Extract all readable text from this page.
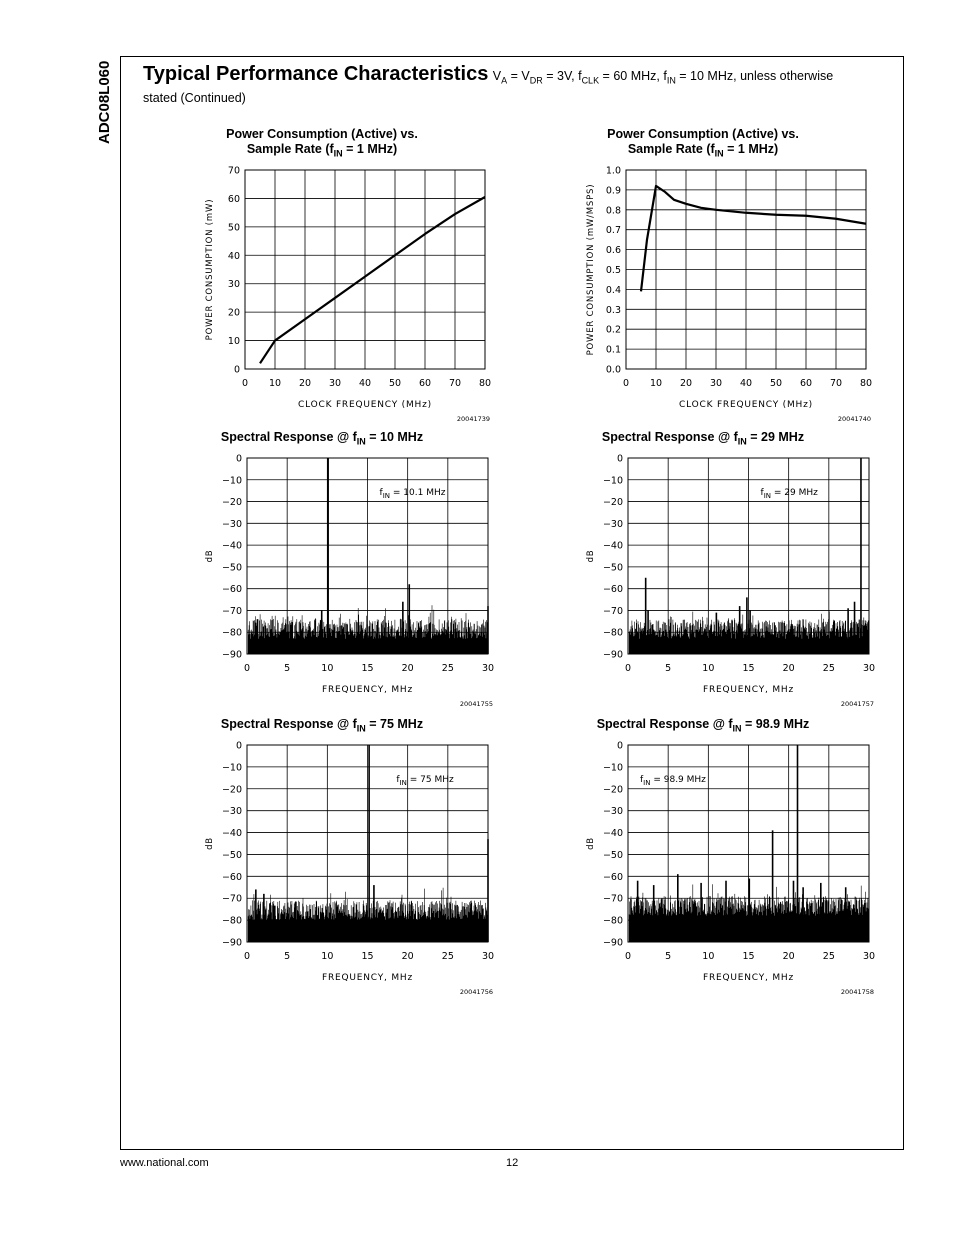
ADC08L060 Typical Performance Characteristics $V_A = V_{DR} = 3V$, $f_{CLK} = 60$ MHz, $f_{IN} = 10$ MHz, unless otherwise
stated (Continued)
Power Consumption (Active) vs.
Sample Rate ($f_{IN} = 1$ MHz)
Power Consumption (Active) vs.
Sample Rate ($f_{IN} = 1$ MHz)
Spectral Response @ $f_{IN} = 10$ MHz	Spectral Response @ $f_{IN} = 29$ MHz
Spectral Response @ $f_{IN} = 75$ MHz	Spectral Response @ $f_{IN} = 98.9$ MHz
0 10 20 30 40 50 60 70 80
0
10
20
30
40
50
60
70
CLOCK FREQUENCY (MHz)
POWER CONSUMPTION (mW)
20041739
0 10 20 30 40 50 60 70 80
0.0
0.1
0.2
0.3
0.4
0.5
0.6
0.7
0.8
0.9
1.0
CLOCK FREQUENCY (MHz)
POWER CONSUMPTION (mW/MSPS)
20041740
0	5	10	15	20	25	30
0
−10
−20
−30
−40
−50
−60
−70
−80
−90
FREQUENCY, MHz
dB
20041755
fIN = 10.1 MHz
0	5	10	15	20	25	30
0
−10
−20
−30
−40
−50
−60
−70
−80
−90
FREQUENCY, MHz
dB
20041757
fIN = 29 MHz
0	5	10	15	20	25	30
0
−10
−20
−30
−40
−50
−60
−70
−80
−90
FREQUENCY, MHz
dB
20041756
fIN = 75 MHz
0	5	10	15	20	25	30
0
−10
−20
−30
−40
−50
−60
−70
−80
−90
FREQUENCY, MHz
dB
20041758
fIN = 98.9 MHz
www.national.com	12
